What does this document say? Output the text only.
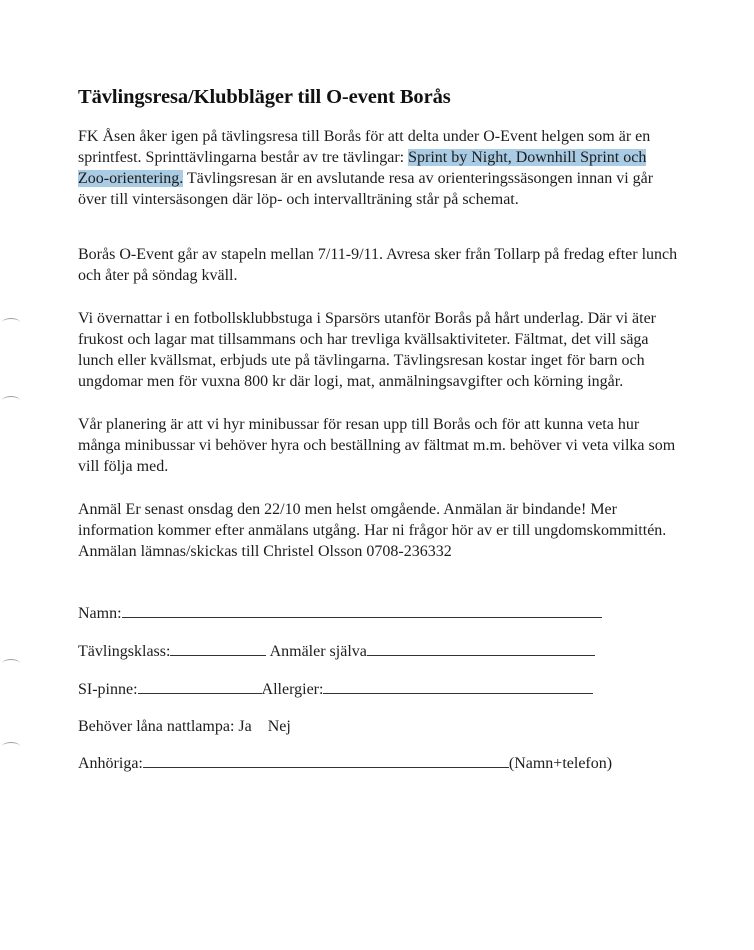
Tävlingsresa/Klubbläger till O-event Borås

FK Åsen åker igen på tävlingsresa till Borås för att delta under O-Event helgen som är en sprintfest. Sprinttävlingarna består av tre tävlingar: Sprint by Night, Downhill Sprint och Zoo-orientering. Tävlingsresan är en avslutande resa av orienteringssäsongen innan vi går över till vintersäsongen där löp- och intervallträning står på schemat.

Borås O-Event går av stapeln mellan 7/11-9/11. Avresa sker från Tollarp på fredag efter lunch och åter på söndag kväll.

Vi övernattar i en fotbollsklubbstuga i Sparsörs utanför Borås på hårt underlag. Där vi äter frukost och lagar mat tillsammans och har trevliga kvällsaktiviteter. Fältmat, det vill säga lunch eller kvällsmat, erbjuds ute på tävlingarna. Tävlingsresan kostar inget för barn och ungdomar men för vuxna 800 kr där logi, mat, anmälningsavgifter och körning ingår.

Vår planering är att vi hyr minibussar för resan upp till Borås och för att kunna veta hur många minibussar vi behöver hyra och beställning av fältmat m.m. behöver vi veta vilka som vill följa med.

Anmäl Er senast onsdag den 22/10 men helst omgående. Anmälan är bindande! Mer information kommer efter anmälans utgång. Har ni frågor hör av er till ungdomskommittén. Anmälan lämnas/skickas till Christel Olsson 0708-236332

Namn:
Tävlingsklass:	Anmäler själva
SI-pinne:	Allergier:
Behöver låna nattlampa: Ja Nej
Anhöriga:	(Namn+telefon)
